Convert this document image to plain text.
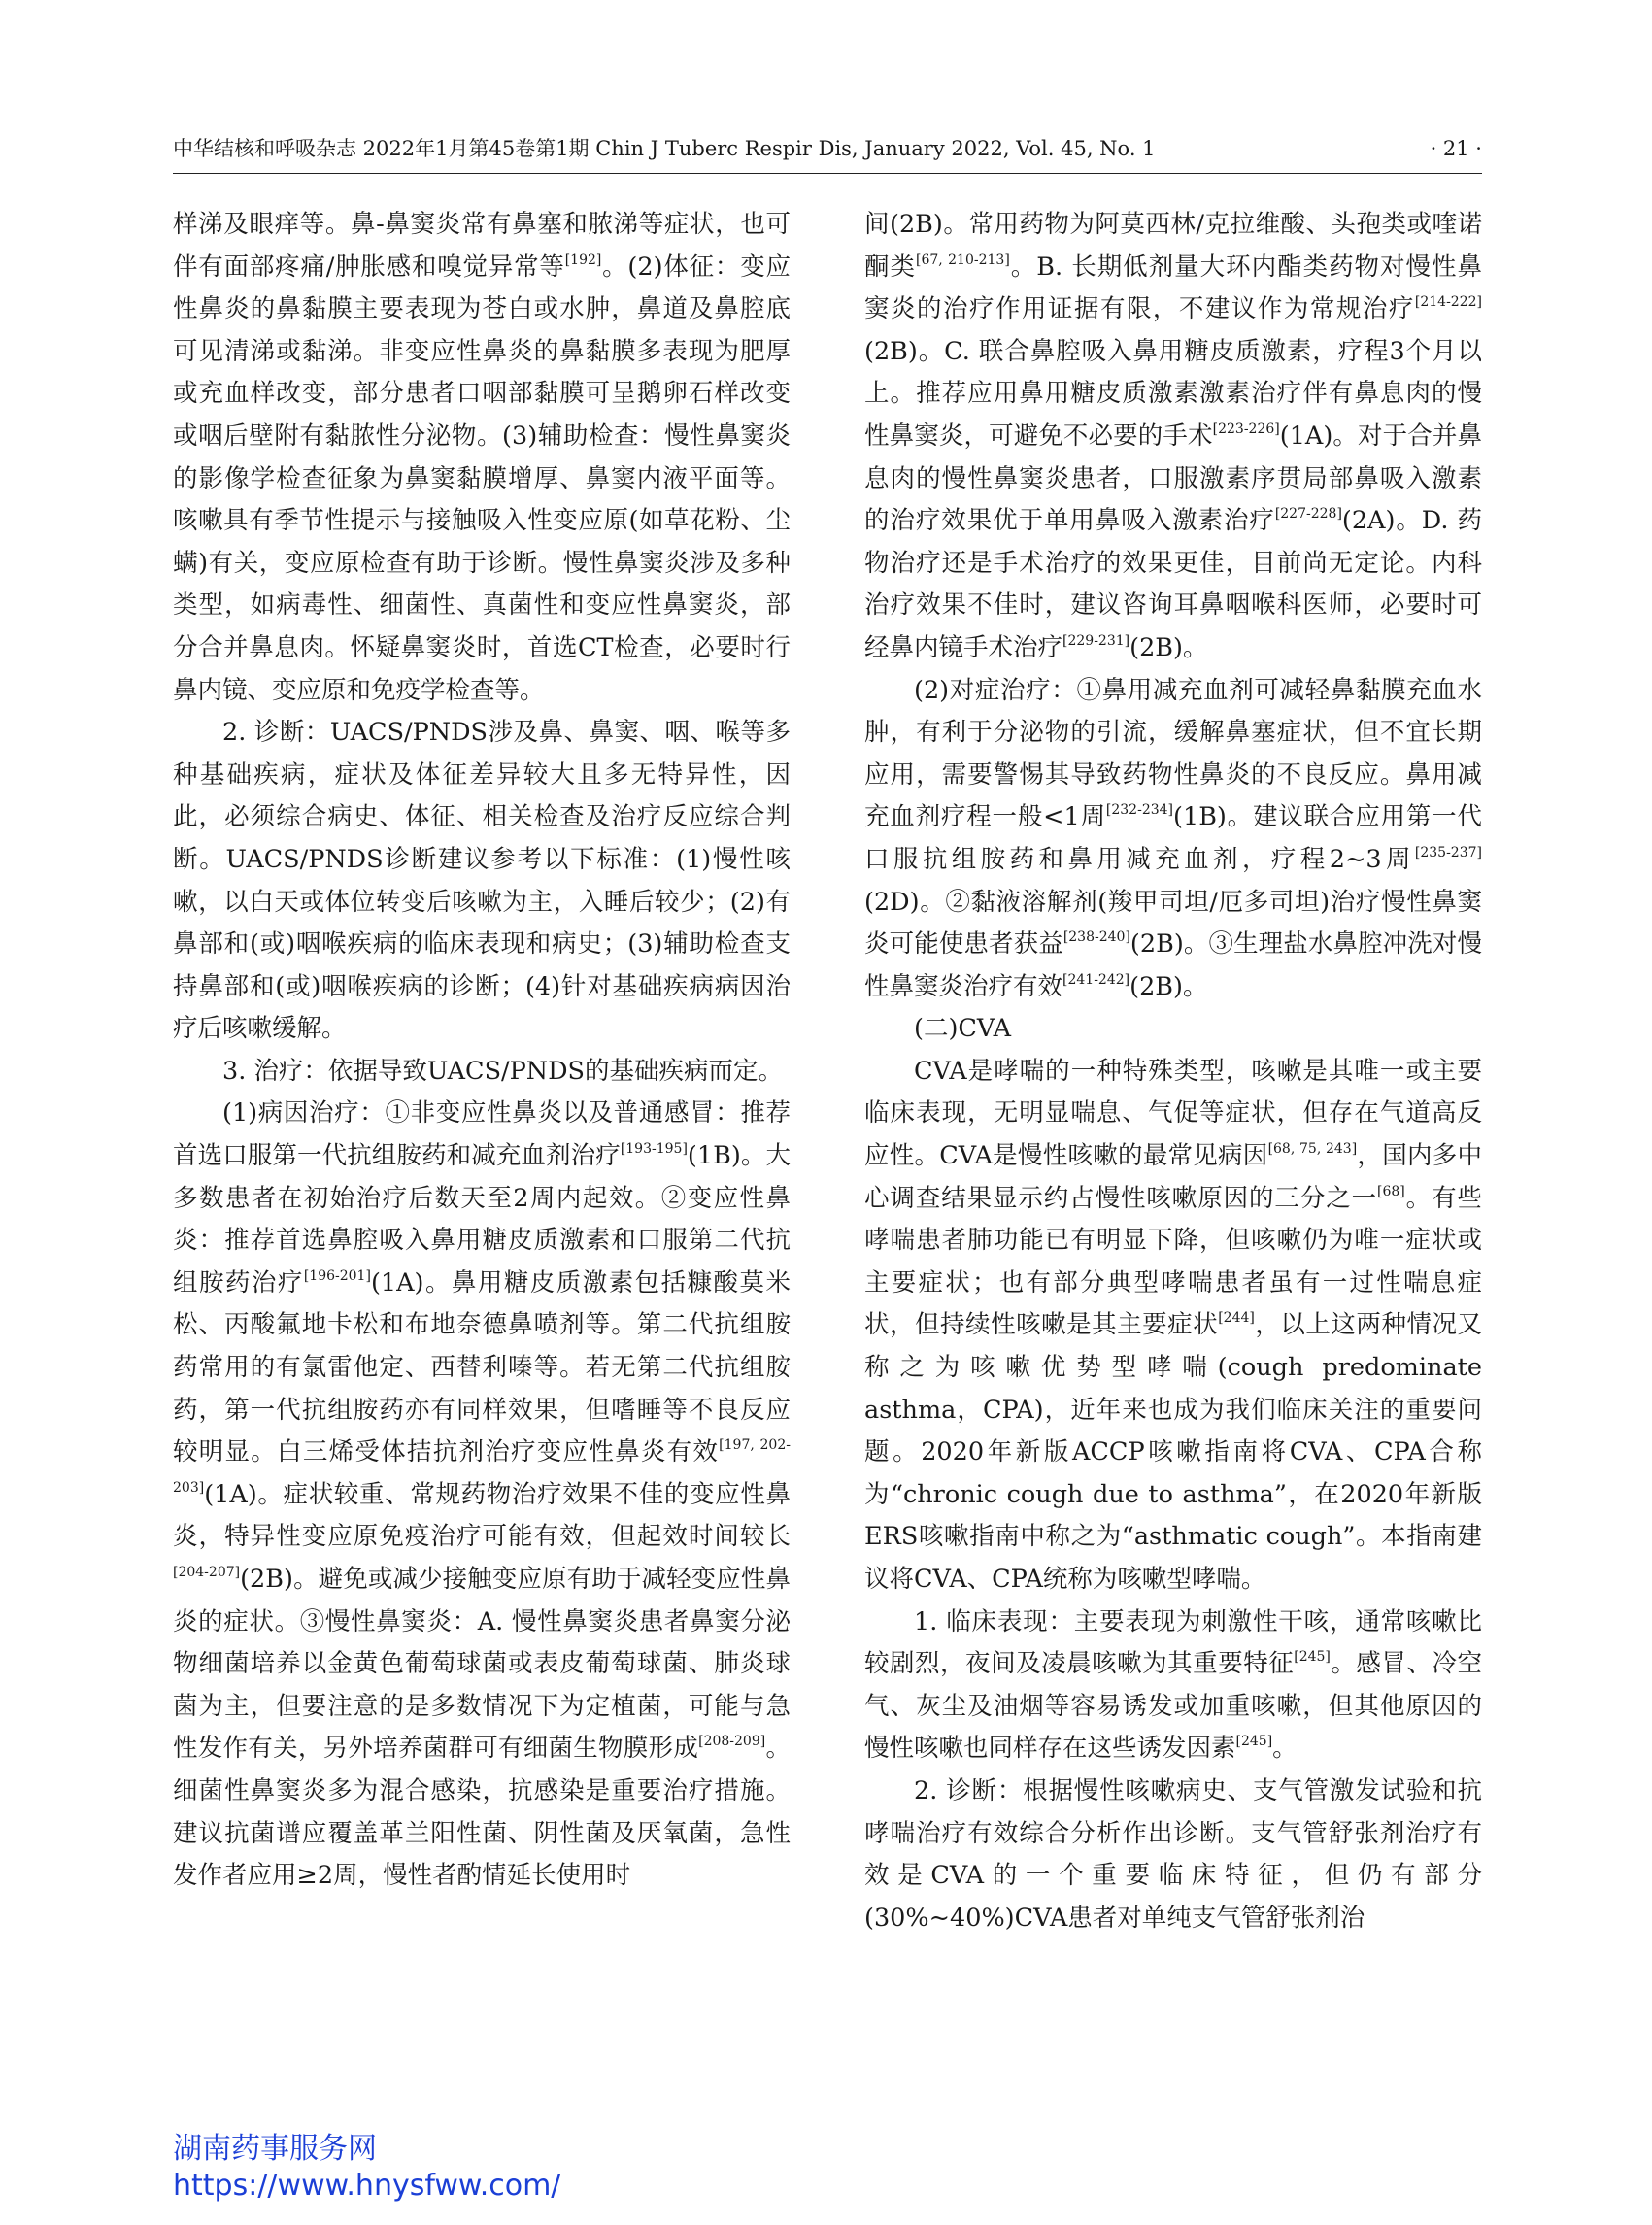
中华结核和呼吸杂志 2022年1月第45卷第1期 Chin J Tuberc Respir Dis, January 2022, Vol. 45, No. 1	· 21 ·

样涕及眼痒等。鼻-鼻窦炎常有鼻塞和脓涕等症状，也可伴有面部疼痛/肿胀感和嗅觉异常等[192]。(2)体征：变应性鼻炎的鼻黏膜主要表现为苍白或水肿，鼻道及鼻腔底可见清涕或黏涕。非变应性鼻炎的鼻黏膜多表现为肥厚或充血样改变，部分患者口咽部黏膜可呈鹅卵石样改变或咽后壁附有黏脓性分泌物。(3)辅助检查：慢性鼻窦炎的影像学检查征象为鼻窦黏膜增厚、鼻窦内液平面等。咳嗽具有季节性提示与接触吸入性变应原(如草花粉、尘螨)有关，变应原检查有助于诊断。慢性鼻窦炎涉及多种类型，如病毒性、细菌性、真菌性和变应性鼻窦炎，部分合并鼻息肉。怀疑鼻窦炎时，首选CT检查，必要时行鼻内镜、变应原和免疫学检查等。

2. 诊断：UACS/PNDS涉及鼻、鼻窦、咽、喉等多种基础疾病，症状及体征差异较大且多无特异性，因此，必须综合病史、体征、相关检查及治疗反应综合判断。UACS/PNDS诊断建议参考以下标准：(1)慢性咳嗽，以白天或体位转变后咳嗽为主，入睡后较少；(2)有鼻部和(或)咽喉疾病的临床表现和病史；(3)辅助检查支持鼻部和(或)咽喉疾病的诊断；(4)针对基础疾病病因治疗后咳嗽缓解。

3. 治疗：依据导致UACS/PNDS的基础疾病而定。

(1)病因治疗：①非变应性鼻炎以及普通感冒：推荐首选口服第一代抗组胺药和减充血剂治疗[193-195](1B)。大多数患者在初始治疗后数天至2周内起效。②变应性鼻炎：推荐首选鼻腔吸入鼻用糖皮质激素和口服第二代抗组胺药治疗[196-201](1A)。鼻用糖皮质激素包括糠酸莫米松、丙酸氟地卡松和布地奈德鼻喷剂等。第二代抗组胺药常用的有氯雷他定、西替利嗪等。若无第二代抗组胺药，第一代抗组胺药亦有同样效果，但嗜睡等不良反应较明显。白三烯受体拮抗剂治疗变应性鼻炎有效[197, 202-203](1A)。症状较重、常规药物治疗效果不佳的变应性鼻炎，特异性变应原免疫治疗可能有效，但起效时间较长[204-207](2B)。避免或减少接触变应原有助于减轻变应性鼻炎的症状。③慢性鼻窦炎：A. 慢性鼻窦炎患者鼻窦分泌物细菌培养以金黄色葡萄球菌或表皮葡萄球菌、肺炎球菌为主，但要注意的是多数情况下为定植菌，可能与急性发作有关，另外培养菌群可有细菌生物膜形成[208-209]。细菌性鼻窦炎多为混合感染，抗感染是重要治疗措施。建议抗菌谱应覆盖革兰阳性菌、阴性菌及厌氧菌，急性发作者应用≥2周，慢性者酌情延长使用时

间(2B)。常用药物为阿莫西林/克拉维酸、头孢类或喹诺酮类[67, 210-213]。B. 长期低剂量大环内酯类药物对慢性鼻窦炎的治疗作用证据有限，不建议作为常规治疗[214-222](2B)。C. 联合鼻腔吸入鼻用糖皮质激素，疗程3个月以上。推荐应用鼻用糖皮质激素激素治疗伴有鼻息肉的慢性鼻窦炎，可避免不必要的手术[223-226](1A)。对于合并鼻息肉的慢性鼻窦炎患者，口服激素序贯局部鼻吸入激素的治疗效果优于单用鼻吸入激素治疗[227-228](2A)。D. 药物治疗还是手术治疗的效果更佳，目前尚无定论。内科治疗效果不佳时，建议咨询耳鼻咽喉科医师，必要时可经鼻内镜手术治疗[229-231](2B)。

(2)对症治疗：①鼻用减充血剂可减轻鼻黏膜充血水肿，有利于分泌物的引流，缓解鼻塞症状，但不宜长期应用，需要警惕其导致药物性鼻炎的不良反应。鼻用减充血剂疗程一般<1周[232-234](1B)。建议联合应用第一代口服抗组胺药和鼻用减充血剂，疗程2~3周[235-237](2D)。②黏液溶解剂(羧甲司坦/厄多司坦)治疗慢性鼻窦炎可能使患者获益[238-240](2B)。③生理盐水鼻腔冲洗对慢性鼻窦炎治疗有效[241-242](2B)。

(二)CVA

CVA是哮喘的一种特殊类型，咳嗽是其唯一或主要临床表现，无明显喘息、气促等症状，但存在气道高反应性。CVA是慢性咳嗽的最常见病因[68, 75, 243]，国内多中心调查结果显示约占慢性咳嗽原因的三分之一[68]。有些哮喘患者肺功能已有明显下降，但咳嗽仍为唯一症状或主要症状；也有部分典型哮喘患者虽有一过性喘息症状，但持续性咳嗽是其主要症状[244]，以上这两种情况又称之为咳嗽优势型哮喘(cough predominate asthma，CPA)，近年来也成为我们临床关注的重要问题。2020年新版ACCP咳嗽指南将CVA、CPA合称为“chronic cough due to asthma”，在2020年新版ERS咳嗽指南中称之为“asthmatic cough”。本指南建议将CVA、CPA统称为咳嗽型哮喘。

1. 临床表现：主要表现为刺激性干咳，通常咳嗽比较剧烈，夜间及凌晨咳嗽为其重要特征[245]。感冒、冷空气、灰尘及油烟等容易诱发或加重咳嗽，但其他原因的慢性咳嗽也同样存在这些诱发因素[245]。

2. 诊断：根据慢性咳嗽病史、支气管激发试验和抗哮喘治疗有效综合分析作出诊断。支气管舒张剂治疗有效是CVA的一个重要临床特征，但仍有部分(30%~40%)CVA患者对单纯支气管舒张剂治

湖南药事服务网
https://www.hnysfww.com/
